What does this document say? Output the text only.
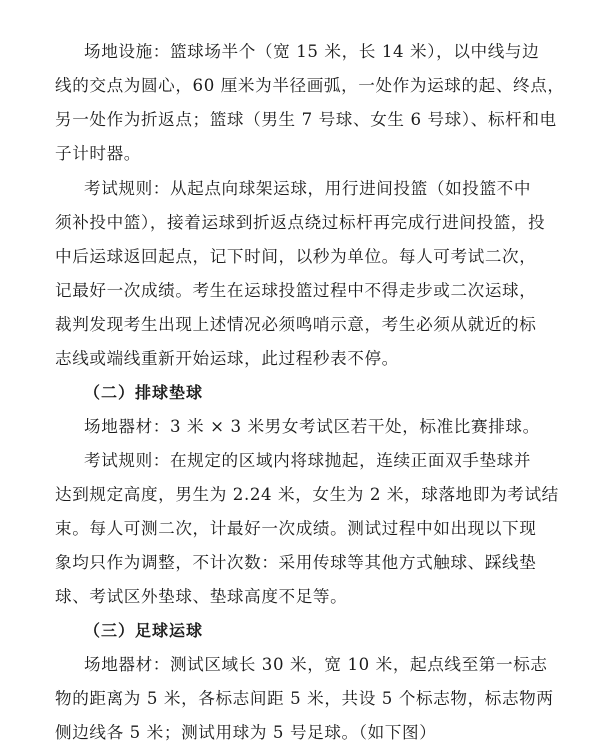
场地设施：篮球场半个（宽 15 米，长 14 米），以中线与边
线的交点为圆心，60 厘米为半径画弧，一处作为运球的起、终点，
另一处作为折返点；篮球（男生 7 号球、女生 6 号球）、标杆和电
子计时器。
考试规则：从起点向球架运球，用行进间投篮（如投篮不中
须补投中篮），接着运球到折返点绕过标杆再完成行进间投篮，投
中后运球返回起点，记下时间，以秒为单位。每人可考试二次，
记最好一次成绩。考生在运球投篮过程中不得走步或二次运球，
裁判发现考生出现上述情况必须鸣哨示意，考生必须从就近的标
志线或端线重新开始运球，此过程秒表不停。
（二）排球垫球
场地器材：3 米 × 3 米男女考试区若干处，标准比赛排球。
考试规则：在规定的区域内将球抛起，连续正面双手垫球并
达到规定高度，男生为 2.24 米，女生为 2 米，球落地即为考试结
束。每人可测二次，计最好一次成绩。测试过程中如出现以下现
象均只作为调整，不计次数：采用传球等其他方式触球、踩线垫
球、考试区外垫球、垫球高度不足等。
（三）足球运球
场地器材：测试区域长 30 米，宽 10 米，起点线至第一标志
物的距离为 5 米，各标志间距 5 米，共设 5 个标志物，标志物两
侧边线各 5 米；测试用球为 5 号足球。（如下图）
